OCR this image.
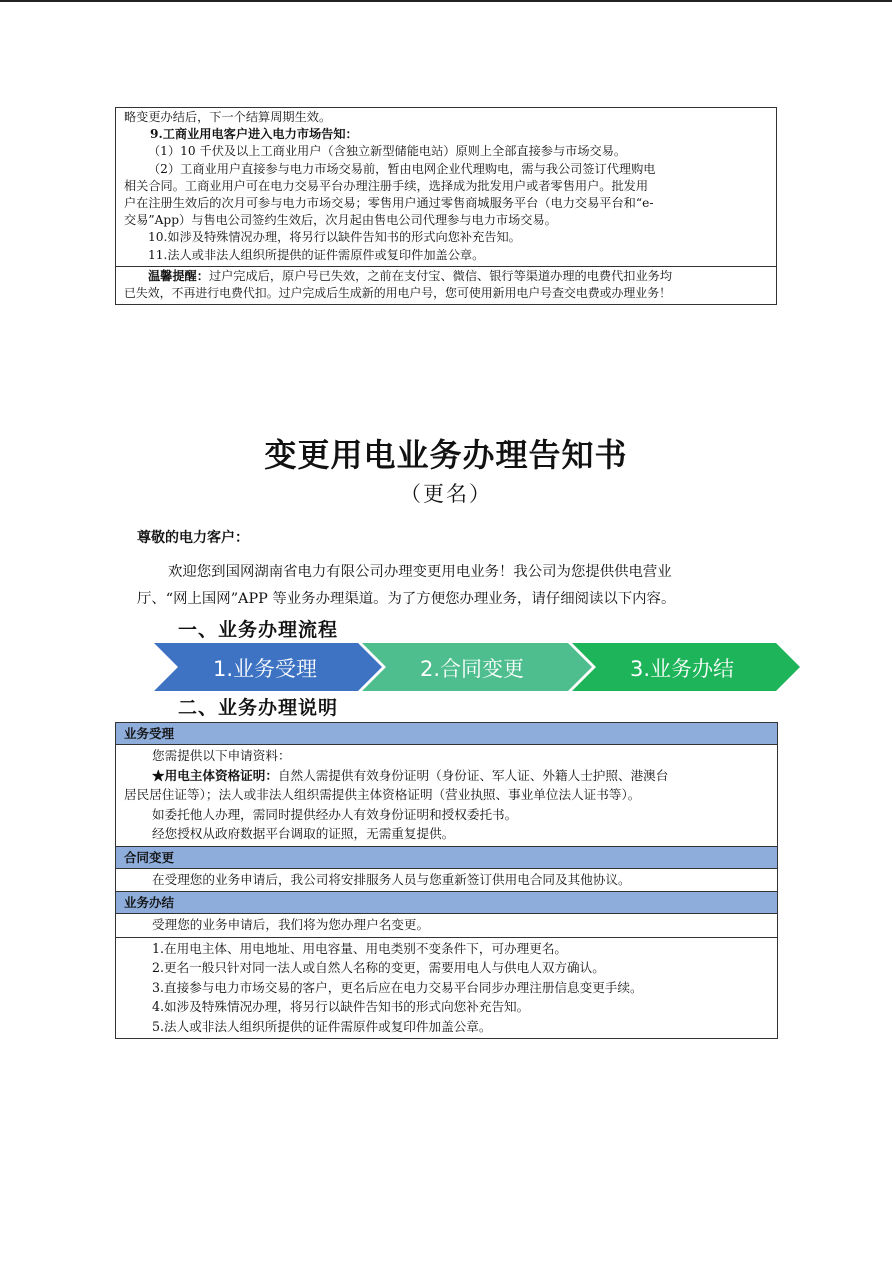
略变更办结后，下一个结算周期生效。
9.工商业用电客户进入电力市场告知：
（1）10 千伏及以上工商业用户（含独立新型储能电站）原则上全部直接参与市场交易。
（2）工商业用户直接参与电力市场交易前，暂由电网企业代理购电，需与我公司签订代理购电
相关合同。工商业用户可在电力交易平台办理注册手续，选择成为批发用户或者零售用户。批发用
户在注册生效后的次月可参与电力市场交易；零售用户通过零售商城服务平台（电力交易平台和“e-
交易”App）与售电公司签约生效后，次月起由售电公司代理参与电力市场交易。
10.如涉及特殊情况办理，将另行以缺件告知书的形式向您补充告知。
11.法人或非法人组织所提供的证件需原件或复印件加盖公章。
温馨提醒：过户完成后，原户号已失效，之前在支付宝、微信、银行等渠道办理的电费代扣业务均
已失效，不再进行电费代扣。过户完成后生成新的用电户号，您可使用新用电户号查交电费或办理业务！
变更用电业务办理告知书
（更名）
尊敬的电力客户：
欢迎您到国网湖南省电力有限公司办理变更用电业务！我公司为您提供供电营业
厅、“网上国网”APP 等业务办理渠道。为了方便您办理业务，请仔细阅读以下内容。
一、业务办理流程
1.业务受理	2.合同变更	3.业务办结
二、业务办理说明
业务受理
您需提供以下申请资料：
★用电主体资格证明：自然人需提供有效身份证明（身份证、军人证、外籍人士护照、港澳台
居民居住证等）；法人或非法人组织需提供主体资格证明（营业执照、事业单位法人证书等）。
如委托他人办理，需同时提供经办人有效身份证明和授权委托书。
经您授权从政府数据平台调取的证照，无需重复提供。
合同变更
在受理您的业务申请后，我公司将安排服务人员与您重新签订供用电合同及其他协议。
业务办结
受理您的业务申请后，我们将为您办理户名变更。
1.在用电主体、用电地址、用电容量、用电类别不变条件下，可办理更名。
2.更名一般只针对同一法人或自然人名称的变更，需要用电人与供电人双方确认。
3.直接参与电力市场交易的客户，更名后应在电力交易平台同步办理注册信息变更手续。
4.如涉及特殊情况办理，将另行以缺件告知书的形式向您补充告知。
5.法人或非法人组织所提供的证件需原件或复印件加盖公章。
